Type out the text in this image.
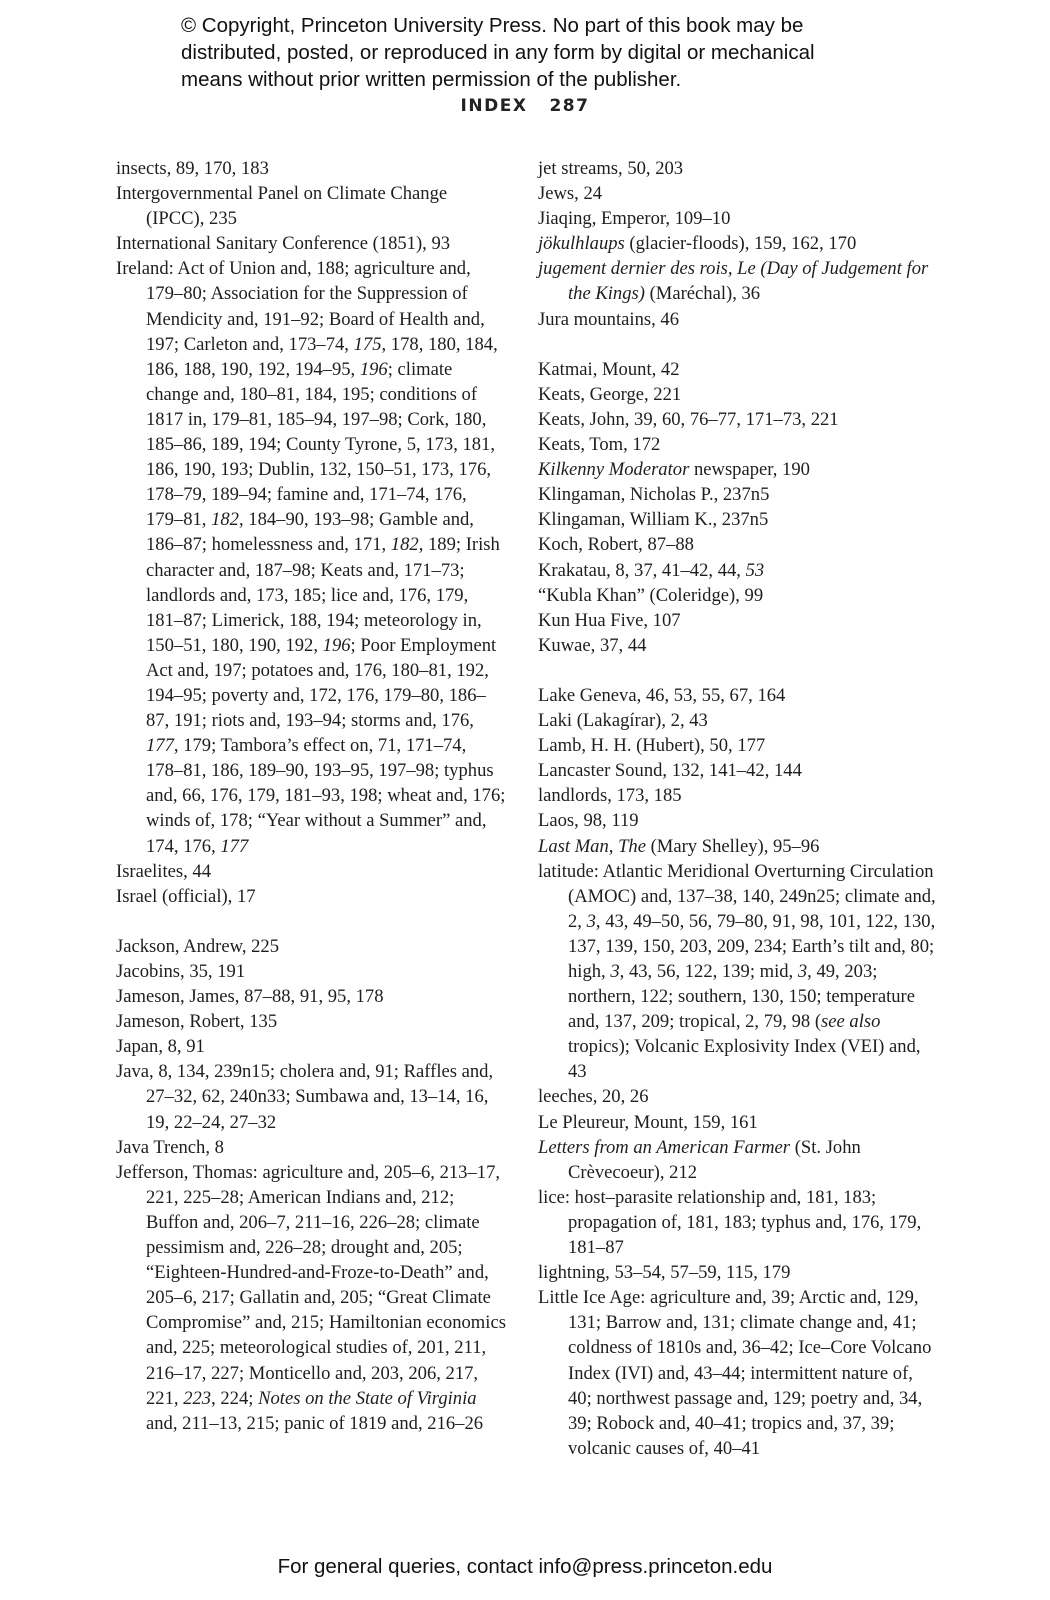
© Copyright, Princeton University Press. No part of this book may be
distributed, posted, or reproduced in any form by digital or mechanical
means without prior written permission of the publisher.
INDEX 287
insects, 89, 170, 183
Intergovernmental Panel on Climate Change (IPCC), 235
International Sanitary Conference (1851), 93
Ireland: Act of Union and, 188; agriculture and, 179–80; Association for the Suppression of Mendicity and, 191–92; Board of Health and, 197; Carleton and, 173–74, 175, 178, 180, 184, 186, 188, 190, 192, 194–95, 196; climate change and, 180–81, 184, 195; conditions of 1817 in, 179–81, 185–94, 197–98; Cork, 180, 185–86, 189, 194; County Tyrone, 5, 173, 181, 186, 190, 193; Dublin, 132, 150–51, 173, 176, 178–79, 189–94; famine and, 171–74, 176, 179–81, 182, 184–90, 193–98; Gamble and, 186–87; homelessness and, 171, 182, 189; Irish character and, 187–98; Keats and, 171–73; landlords and, 173, 185; lice and, 176, 179, 181–87; Limerick, 188, 194; meteorology in, 150–51, 180, 190, 192, 196; Poor Employment Act and, 197; potatoes and, 176, 180–81, 192, 194–95; poverty and, 172, 176, 179–80, 186–87, 191; riots and, 193–94; storms and, 176, 177, 179; Tambora’s effect on, 71, 171–74, 178–81, 186, 189–90, 193–95, 197–98; typhus and, 66, 176, 179, 181–93, 198; wheat and, 176; winds of, 178; “Year without a Summer” and, 174, 176, 177
Israelites, 44
Israel (official), 17
Jackson, Andrew, 225
Jacobins, 35, 191
Jameson, James, 87–88, 91, 95, 178
Jameson, Robert, 135
Japan, 8, 91
Java, 8, 134, 239n15; cholera and, 91; Raffles and, 27–32, 62, 240n33; Sumbawa and, 13–14, 16, 19, 22–24, 27–32
Java Trench, 8
Jefferson, Thomas: agriculture and, 205–6, 213–17, 221, 225–28; American Indians and, 212; Buffon and, 206–7, 211–16, 226–28; climate pessimism and, 226–28; drought and, 205; “Eighteen-Hundred-and-Froze-to-Death” and, 205–6, 217; Gallatin and, 205; “Great Climate Compromise” and, 215; Hamiltonian economics and, 225; meteorological studies of, 201, 211, 216–17, 227; Monticello and, 203, 206, 217, 221, 223, 224; Notes on the State of Virginia and, 211–13, 215; panic of 1819 and, 216–26
jet streams, 50, 203
Jews, 24
Jiaqing, Emperor, 109–10
jökulhlaups (glacier-floods), 159, 162, 170
jugement dernier des rois, Le (Day of Judgement for the Kings) (Maréchal), 36
Jura mountains, 46
Katmai, Mount, 42
Keats, George, 221
Keats, John, 39, 60, 76–77, 171–73, 221
Keats, Tom, 172
Kilkenny Moderator newspaper, 190
Klingaman, Nicholas P., 237n5
Klingaman, William K., 237n5
Koch, Robert, 87–88
Krakatau, 8, 37, 41–42, 44, 53
“Kubla Khan” (Coleridge), 99
Kun Hua Five, 107
Kuwae, 37, 44
Lake Geneva, 46, 53, 55, 67, 164
Laki (Lakagírar), 2, 43
Lamb, H. H. (Hubert), 50, 177
Lancaster Sound, 132, 141–42, 144
landlords, 173, 185
Laos, 98, 119
Last Man, The (Mary Shelley), 95–96
latitude: Atlantic Meridional Overturning Circulation (AMOC) and, 137–38, 140, 249n25; climate and, 2, 3, 43, 49–50, 56, 79–80, 91, 98, 101, 122, 130, 137, 139, 150, 203, 209, 234; Earth’s tilt and, 80; high, 3, 43, 56, 122, 139; mid, 3, 49, 203; northern, 122; southern, 130, 150; temperature and, 137, 209; tropical, 2, 79, 98 (see also tropics); Volcanic Explosivity Index (VEI) and, 43
leeches, 20, 26
Le Pleureur, Mount, 159, 161
Letters from an American Farmer (St. John Crèvecoeur), 212
lice: host–parasite relationship and, 181, 183; propagation of, 181, 183; typhus and, 176, 179, 181–87
lightning, 53–54, 57–59, 115, 179
Little Ice Age: agriculture and, 39; Arctic and, 129, 131; Barrow and, 131; climate change and, 41; coldness of 1810s and, 36–42; Ice–Core Volcano Index (IVI) and, 43–44; intermittent nature of, 40; northwest passage and, 129; poetry and, 34, 39; Robock and, 40–41; tropics and, 37, 39; volcanic causes of, 40–41
For general queries, contact info@press.princeton.edu
